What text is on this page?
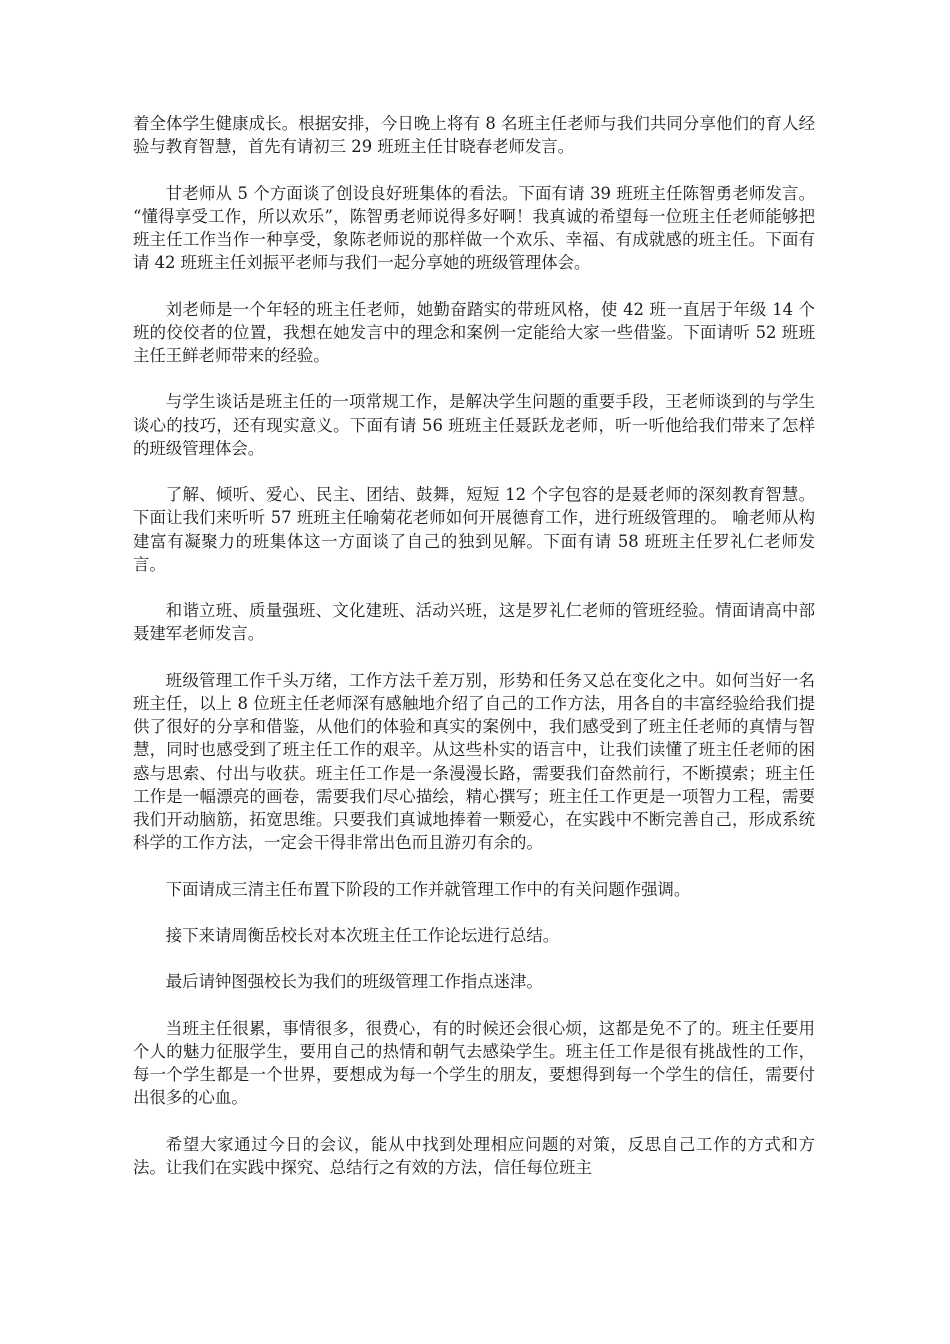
着全体学生健康成长。根据安排，今日晚上将有 8 名班主任老师与我们共同分享他们的育人经验与教育智慧，首先有请初三 29 班班主任甘晓春老师发言。

甘老师从 5 个方面谈了创设良好班集体的看法。下面有请 39 班班主任陈智勇老师发言。 “懂得享受工作，所以欢乐”，陈智勇老师说得多好啊！我真诚的希望每一位班主任老师能够把班主任工作当作一种享受，象陈老师说的那样做一个欢乐、幸福、有成就感的班主任。下面有请 42 班班主任刘振平老师与我们一起分享她的班级管理体会。

刘老师是一个年轻的班主任老师，她勤奋踏实的带班风格，使 42 班一直居于年级 14 个班的佼佼者的位置，我想在她发言中的理念和案例一定能给大家一些借鉴。下面请听 52 班班主任王鲜老师带来的经验。

与学生谈话是班主任的一项常规工作，是解决学生问题的重要手段，王老师谈到的与学生谈心的技巧，还有现实意义。下面有请 56 班班主任聂跃龙老师，听一听他给我们带来了怎样的班级管理体会。

了解、倾听、爱心、民主、团结、鼓舞，短短 12 个字包容的是聂老师的深刻教育智慧。下面让我们来听听 57 班班主任喻菊花老师如何开展德育工作，进行班级管理的。 喻老师从构建富有凝聚力的班集体这一方面谈了自己的独到见解。下面有请 58 班班主任罗礼仁老师发言。

和谐立班、质量强班、文化建班、活动兴班，这是罗礼仁老师的管班经验。情面请高中部聂建军老师发言。

班级管理工作千头万绪，工作方法千差万别，形势和任务又总在变化之中。如何当好一名班主任，以上 8 位班主任老师深有感触地介绍了自己的工作方法，用各自的丰富经验给我们提供了很好的分享和借鉴，从他们的体验和真实的案例中，我们感受到了班主任老师的真情与智慧，同时也感受到了班主任工作的艰辛。从这些朴实的语言中，让我们读懂了班主任老师的困惑与思索、付出与收获。班主任工作是一条漫漫长路，需要我们奋然前行，不断摸索；班主任工作是一幅漂亮的画卷，需要我们尽心描绘，精心撰写；班主任工作更是一项智力工程，需要我们开动脑筋，拓宽思维。只要我们真诚地捧着一颗爱心，在实践中不断完善自己，形成系统科学的工作方法，一定会干得非常出色而且游刃有余的。

下面请成三清主任布置下阶段的工作并就管理工作中的有关问题作强调。

接下来请周衡岳校长对本次班主任工作论坛进行总结。

最后请钟图强校长为我们的班级管理工作指点迷津。

当班主任很累，事情很多，很费心，有的时候还会很心烦，这都是免不了的。班主任要用个人的魅力征服学生，要用自己的热情和朝气去感染学生。班主任工作是很有挑战性的工作，每一个学生都是一个世界，要想成为每一个学生的朋友，要想得到每一个学生的信任，需要付出很多的心血。

希望大家通过今日的会议，能从中找到处理相应问题的对策，反思自己工作的方式和方法。让我们在实践中探究、总结行之有效的方法，信任每位班主
